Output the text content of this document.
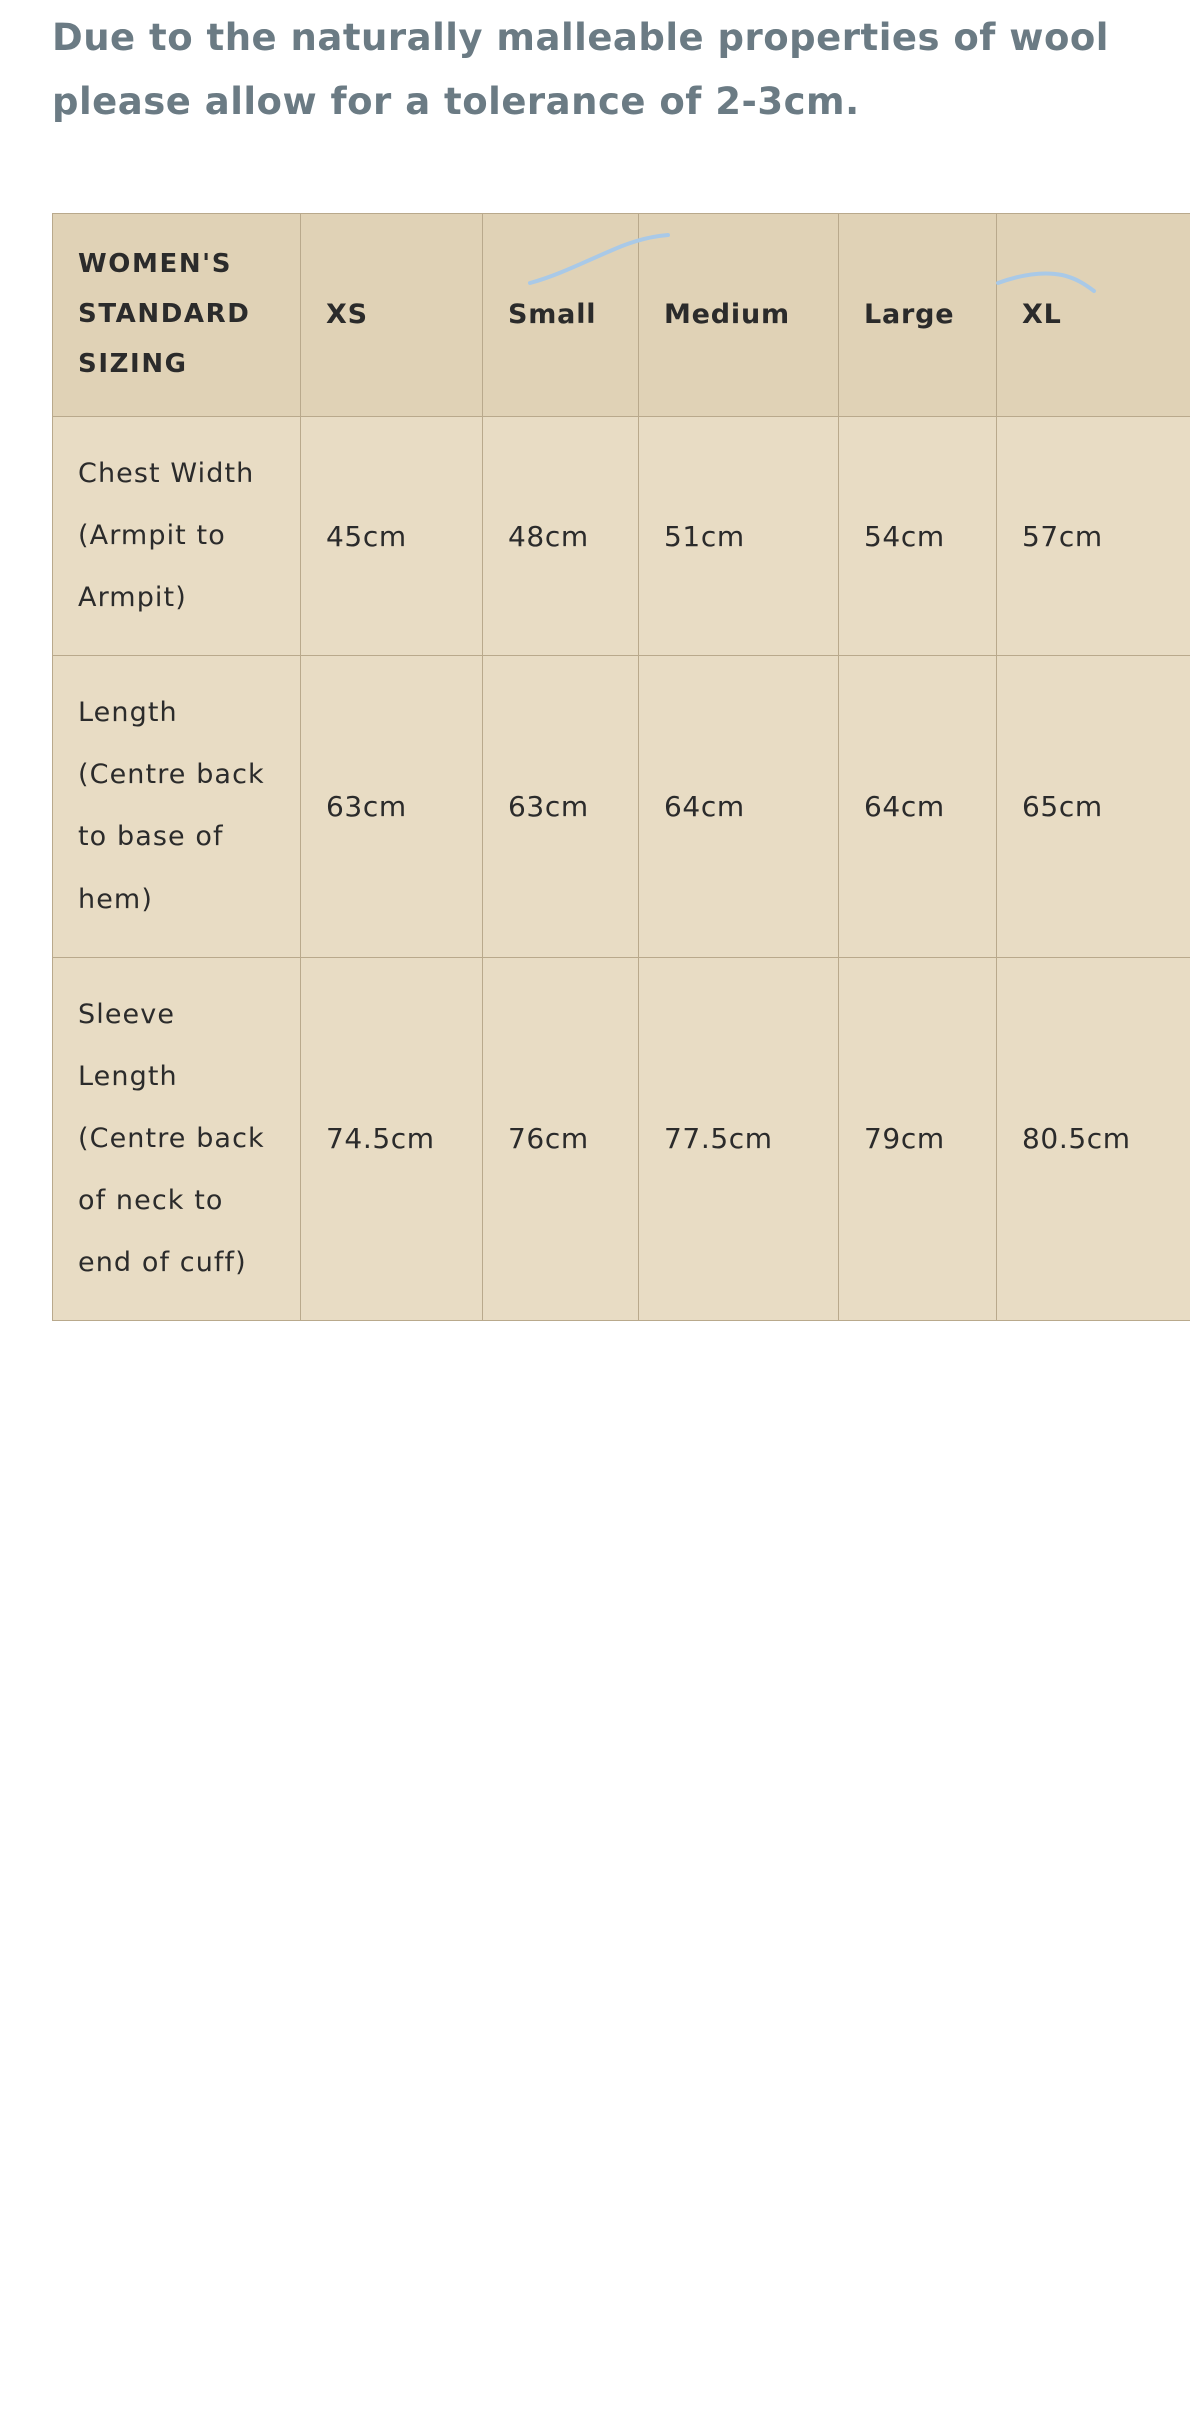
Due to the naturally malleable properties of wool please allow for a tolerance of 2-3cm.
WOMEN'S STANDARD SIZING	XS	Small	Medium	Large	XL
Chest Width (Armpit to Armpit)	45cm	48cm	51cm	54cm	57cm
Length (Centre back to base of hem)	63cm	63cm	64cm	64cm	65cm
Sleeve Length (Centre back of neck to end of cuff)	74.5cm	76cm	77.5cm	79cm	80.5cm
